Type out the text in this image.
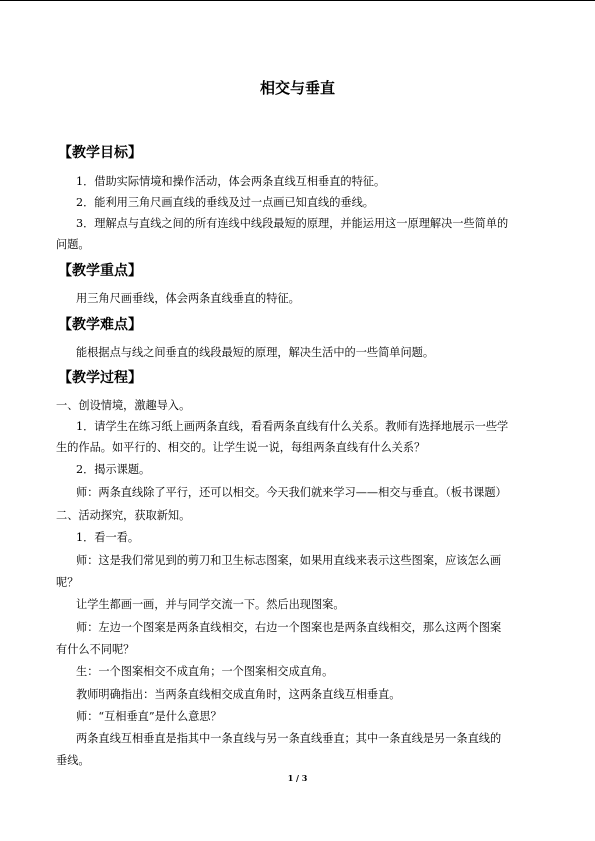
相交与垂直
【教学目标】
1．借助实际情境和操作活动，体会两条直线互相垂直的特征。
2．能利用三角尺画直线的垂线及过一点画已知直线的垂线。
3．理解点与直线之间的所有连线中线段最短的原理，并能运用这一原理解决一些简单的
问题。
【教学重点】
用三角尺画垂线，体会两条直线垂直的特征。
【教学难点】
能根据点与线之间垂直的线段最短的原理，解决生活中的一些简单问题。
【教学过程】
一、创设情境，激趣导入。
1．请学生在练习纸上画两条直线，看看两条直线有什么关系。教师有选择地展示一些学
生的作品。如平行的、相交的。让学生说一说，每组两条直线有什么关系？
2．揭示课题。
师：两条直线除了平行，还可以相交。今天我们就来学习——相交与垂直。（板书课题）
二、活动探究，获取新知。
1．看一看。
师：这是我们常见到的剪刀和卫生标志图案，如果用直线来表示这些图案，应该怎么画
呢？
让学生都画一画，并与同学交流一下。然后出现图案。
师：左边一个图案是两条直线相交，右边一个图案也是两条直线相交，那么这两个图案
有什么不同呢？
生：一个图案相交不成直角；一个图案相交成直角。
教师明确指出：当两条直线相交成直角时，这两条直线互相垂直。
师：“互相垂直”是什么意思？
两条直线互相垂直是指其中一条直线与另一条直线垂直；其中一条直线是另一条直线的
垂线。
1 / 3
